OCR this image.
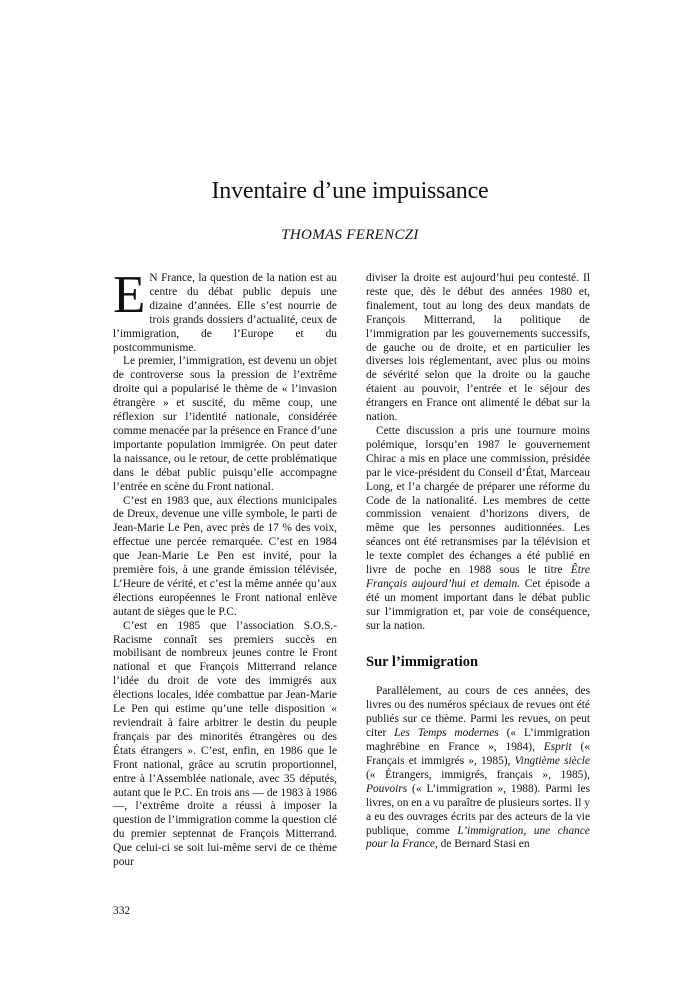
Inventaire d’une impuissance
THOMAS FERENCZI

E N France, la question de la nation est au centre du débat public depuis une dizaine d’années. Elle s’est nourrie de trois grands dossiers d’actualité, ceux de l’immigration, de l’Europe et du postcommunisme.

Le premier, l’immigration, est devenu un objet de controverse sous la pression de l’extrême droite qui a popularisé le thème de « l’invasion étrangère » et suscité, du même coup, une réflexion sur l’identité nationale, considérée comme menacée par la présence en France d’une importante population immigrée. On peut dater la naissance, ou le retour, de cette problématique dans le débat public puisqu’elle accompagne l’entrée en scène du Front national.

C’est en 1983 que, aux élections municipales de Dreux, devenue une ville symbole, le parti de Jean-Marie Le Pen, avec près de 17 % des voix, effectue une percée remarquée. C’est en 1984 que Jean-Marie Le Pen est invité, pour la première fois, à une grande émission télévisée, L’Heure de vérité, et c’est la même année qu’aux élections européennes le Front national enlève autant de sièges que le P.C.

C’est en 1985 que l’association S.O.S.-Racisme connaît ses premiers succès en mobilisant de nombreux jeunes contre le Front national et que François Mitterrand relance l’idée du droit de vote des immigrés aux élections locales, idée combattue par Jean-Marie Le Pen qui estime qu’une telle disposition « reviendrait à faire arbitrer le destin du peuple français par des minorités étrangères ou des États étrangers ». C’est, enfin, en 1986 que le Front national, grâce au scrutin proportionnel, entre à l’Assemblée nationale, avec 35 députés, autant que le P.C. En trois ans — de 1983 à 1986 —, l’extrême droite a réussi à imposer la question de l’immigration comme la question clé du premier septennat de François Mitterrand. Que celui-ci se soit lui-même servi de ce thème pour

diviser la droite est aujourd’hui peu contesté. Il reste que, dès le début des années 1980 et, finalement, tout au long des deux mandats de François Mitterrand, la politique de l’immigration par les gouvernements successifs, de gauche ou de droite, et en particulier les diverses lois réglementant, avec plus ou moins de sévérité selon que la droite ou la gauche étaient au pouvoir, l’entrée et le séjour des étrangers en France ont alimenté le débat sur la nation.

Cette discussion a pris une tournure moins polémique, lorsqu’en 1987 le gouvernement Chirac a mis en place une commission, présidée par le vice-président du Conseil d’État, Marceau Long, et l’a chargée de préparer une réforme du Code de la nationalité. Les membres de cette commission venaient d’horizons divers, de même que les personnes auditionnées. Les séances ont été retransmises par la télévision et le texte complet des échanges a été publié en livre de poche en 1988 sous le titre Être Français aujourd’hui et demain. Cet épisode a été un moment important dans le débat public sur l’immigration et, par voie de conséquence, sur la nation.

Sur l’immigration

Parallèlement, au cours de ces années, des livres ou des numéros spéciaux de revues ont été publiés sur ce thème. Parmi les revues, on peut citer Les Temps modernes (« L’immigration maghrébine en France », 1984), Esprit (« Français et immigrés », 1985), Vingtième siècle (« Étrangers, immigrés, français », 1985), Pouvoirs (« L’immigration », 1988). Parmi les livres, on en a vu paraître de plusieurs sortes. Il y a eu des ouvrages écrits par des acteurs de la vie publique, comme L’immigration, une chance pour la France, de Bernard Stasi en

332
